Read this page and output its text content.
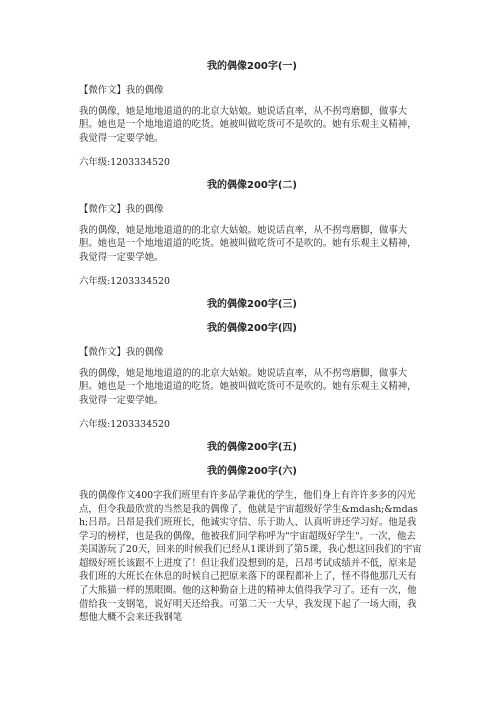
我的偶像200字(一)
【微作文】我的偶像
我的偶像，她是地地道道的的北京大姑娘。她说话直率，从不拐弯磨脚，做事大胆。她也是一个地地道道的吃货。她被叫做吃货可不是吹的。她有乐观主义精神，我觉得一定要学她。
六年级:1203334520
我的偶像200字(二)
【微作文】我的偶像
我的偶像，她是地地道道的的北京大姑娘。她说话直率，从不拐弯磨脚，做事大胆。她也是一个地地道道的吃货。她被叫做吃货可不是吹的。她有乐观主义精神，我觉得一定要学她。
六年级:1203334520
我的偶像200字(三)
我的偶像200字(四)
【微作文】我的偶像
我的偶像，她是地地道道的的北京大姑娘。她说话直率，从不拐弯磨脚，做事大胆。她也是一个地地道道的吃货。她被叫做吃货可不是吹的。她有乐观主义精神，我觉得一定要学她。
六年级:1203334520
我的偶像200字(五)
我的偶像200字(六)
我的偶像作文400字我们班里有许多品学兼优的学生，他们身上有许许多多的闪光点，但令我最欣赏的当然是我的偶像了，他就是宇宙超级好学生&mdash;&mdash;吕昂。吕昂是我们班班长，他诚实守信、乐于助人、认真听讲还学习好。他是我学习的榜样，也是我的偶像，他被我们同学称呼为"宇宙超级好学生"。一次，他去美国游玩了20天，回来的时候我们已经从1课讲到了第5课，我心想这回我们的宇宙超级好班长该跟不上进度了！但让我们没想到的是，吕昂考试成绩并不低，原来是我们班的大班长在休息的时候自己把原来落下的课程都补上了，怪不得他那几天有了大熊猫一样的黑眼圈。他的这种勤奋上进的精神太值得我学习了。还有一次，他借给我一支钢笔，说好明天还给我。可第二天一大早，我发现下起了一场大雨，我想他大概不会来还我钢笔
